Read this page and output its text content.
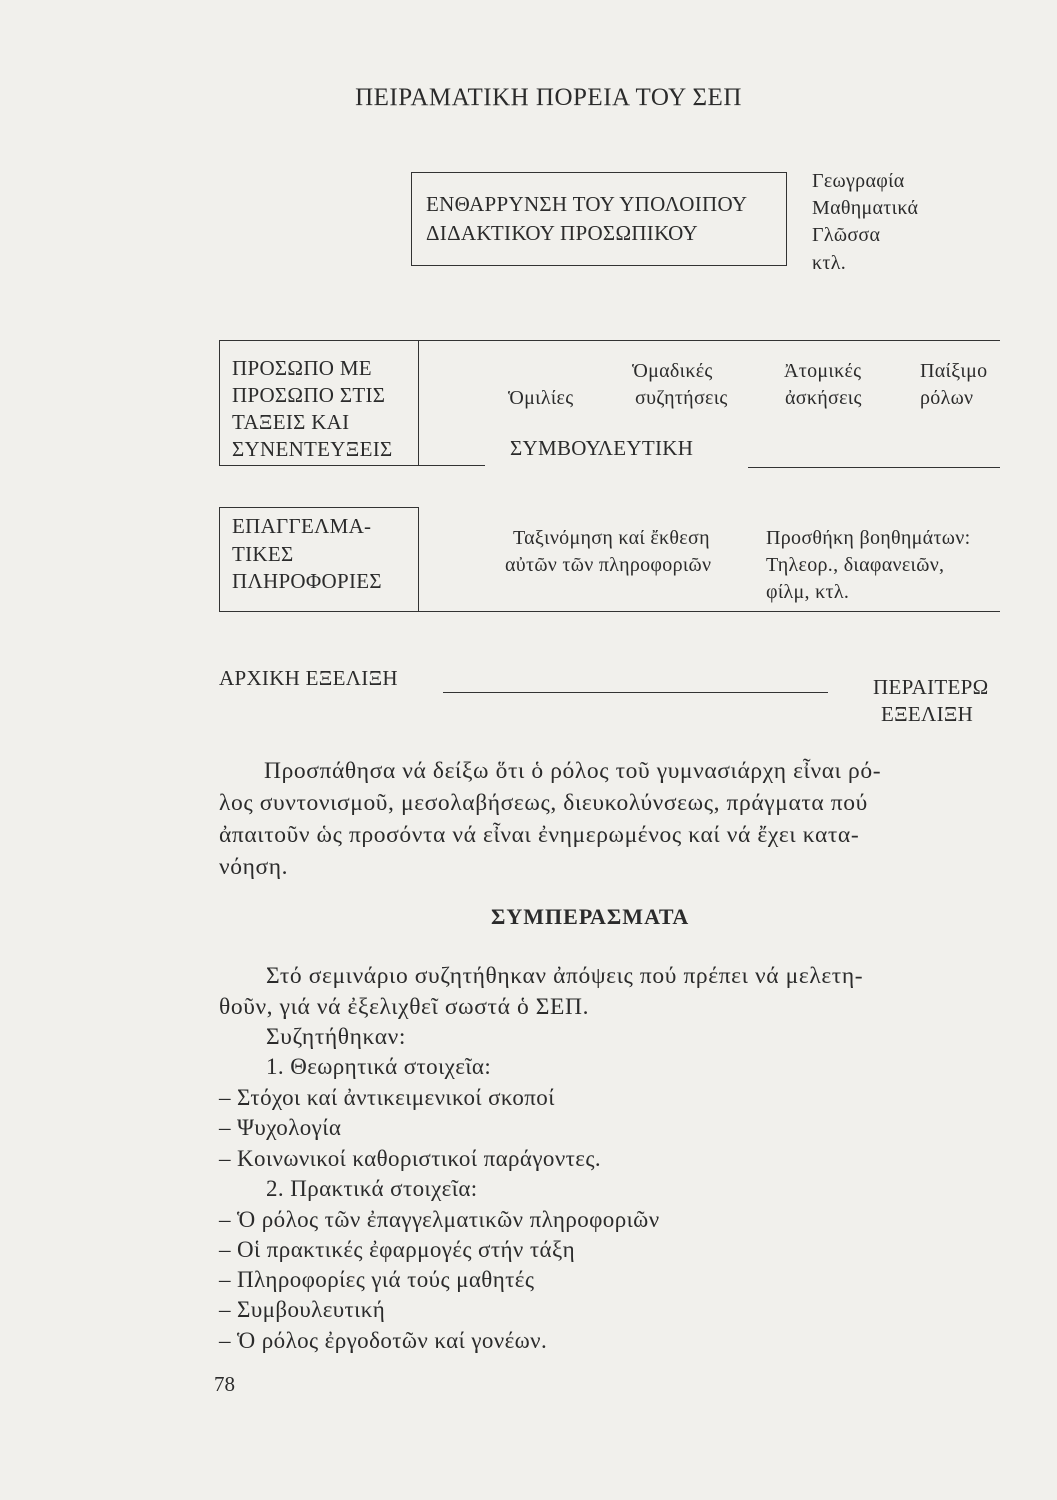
ΠΕΙΡΑΜΑΤΙΚΗ ΠΟΡΕΙΑ ΤΟΥ ΣΕΠ
ΕΝΘΑΡΡΥΝΣΗ ΤΟΥ ΥΠΟΛΟΙΠΟΥ
ΔΙΔΑΚΤΙΚΟΥ ΠΡΟΣΩΠΙΚΟΥ
Γεωγραφία
Μαθηματικά
Γλῶσσα
κτλ.
ΠΡΟΣΩΠΟ ΜΕ
ΠΡΟΣΩΠΟ ΣΤΙΣ
ΤΑΞΕΙΣ ΚΑΙ
ΣΥΝΕΝΤΕΥΞΕΙΣ
Ὁμιλίες
Ὁμαδικές
συζητήσεις
Ἀτομικές
ἀσκήσεις
Παίξιμο
ρόλων
ΣΥΜΒΟΥΛΕΥΤΙΚΗ
ΕΠΑΓΓΕΛΜΑ-
ΤΙΚΕΣ
ΠΛΗΡΟΦΟΡΙΕΣ
Ταξινόμηση καί ἔκθεση
αὐτῶν τῶν πληροφοριῶν
Προσθήκη βοηθημάτων:
Τηλεορ., διαφανειῶν,
φίλμ, κτλ.
ΑΡΧΙΚΗ ΕΞΕΛΙΞΗ	ΠΕΡΑΙΤΕΡΩ
ΕΞΕΛΙΞΗ
Προσπάθησα νά δείξω ὅτι ὁ ρόλος τοῦ γυμνασιάρχη εἶναι ρό-
λος συντονισμοῦ, μεσολαβήσεως, διευκολύνσεως, πράγματα πού
ἀπαιτοῦν ὡς προσόντα νά εἶναι ἐνημερωμένος καί νά ἔχει κατα-
νόηση.
ΣΥΜΠΕΡΑΣΜΑΤΑ
Στό σεμινάριο συζητήθηκαν ἀπόψεις πού πρέπει νά μελετη-
θοῦν, γιά νά ἐξελιχθεῖ σωστά ὁ ΣΕΠ.
Συζητήθηκαν:
1. Θεωρητικά στοιχεῖα:
– Στόχοι καί ἀντικειμενικοί σκοποί
– Ψυχολογία
– Κοινωνικοί καθοριστικοί παράγοντες.
2. Πρακτικά στοιχεῖα:
– Ὁ ρόλος τῶν ἐπαγγελματικῶν πληροφοριῶν
– Οἱ πρακτικές ἐφαρμογές στήν τάξη
– Πληροφορίες γιά τούς μαθητές
– Συμβουλευτική
– Ὁ ρόλος ἐργοδοτῶν καί γονέων.
78
